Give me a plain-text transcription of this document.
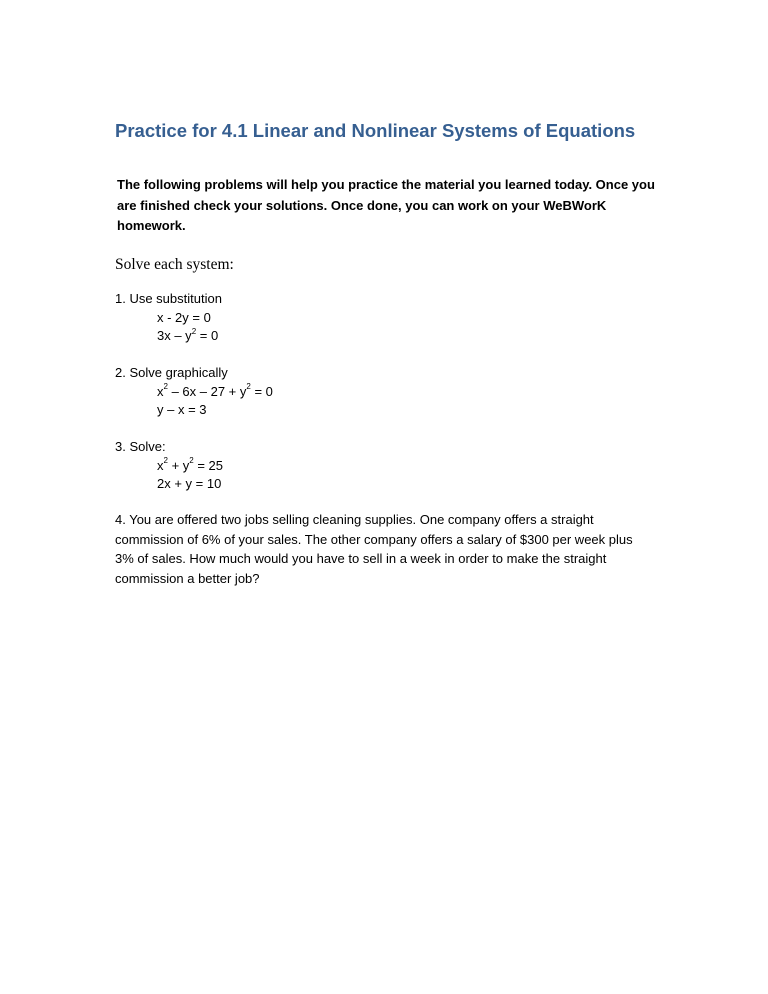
Practice for 4.1 Linear and Nonlinear Systems of Equations

The following problems will help you practice the material you learned today. Once you are finished check your solutions. Once done, you can work on your WeBWorK homework.

Solve each system:
1. Use substitution
x - 2y = 0
$3x - y^2 = 0$
2. Solve graphically
$x^2 - 6x - 27 + y^2 = 0$
y – x = 3
3. Solve:
$x^2 + y^2 = 25$
2x + y = 10
4. You are offered two jobs selling cleaning supplies. One company offers a straight commission of 6% of your sales. The other company offers a salary of $300 per week plus 3% of sales. How much would you have to sell in a week in order to make the straight commission a better job?
